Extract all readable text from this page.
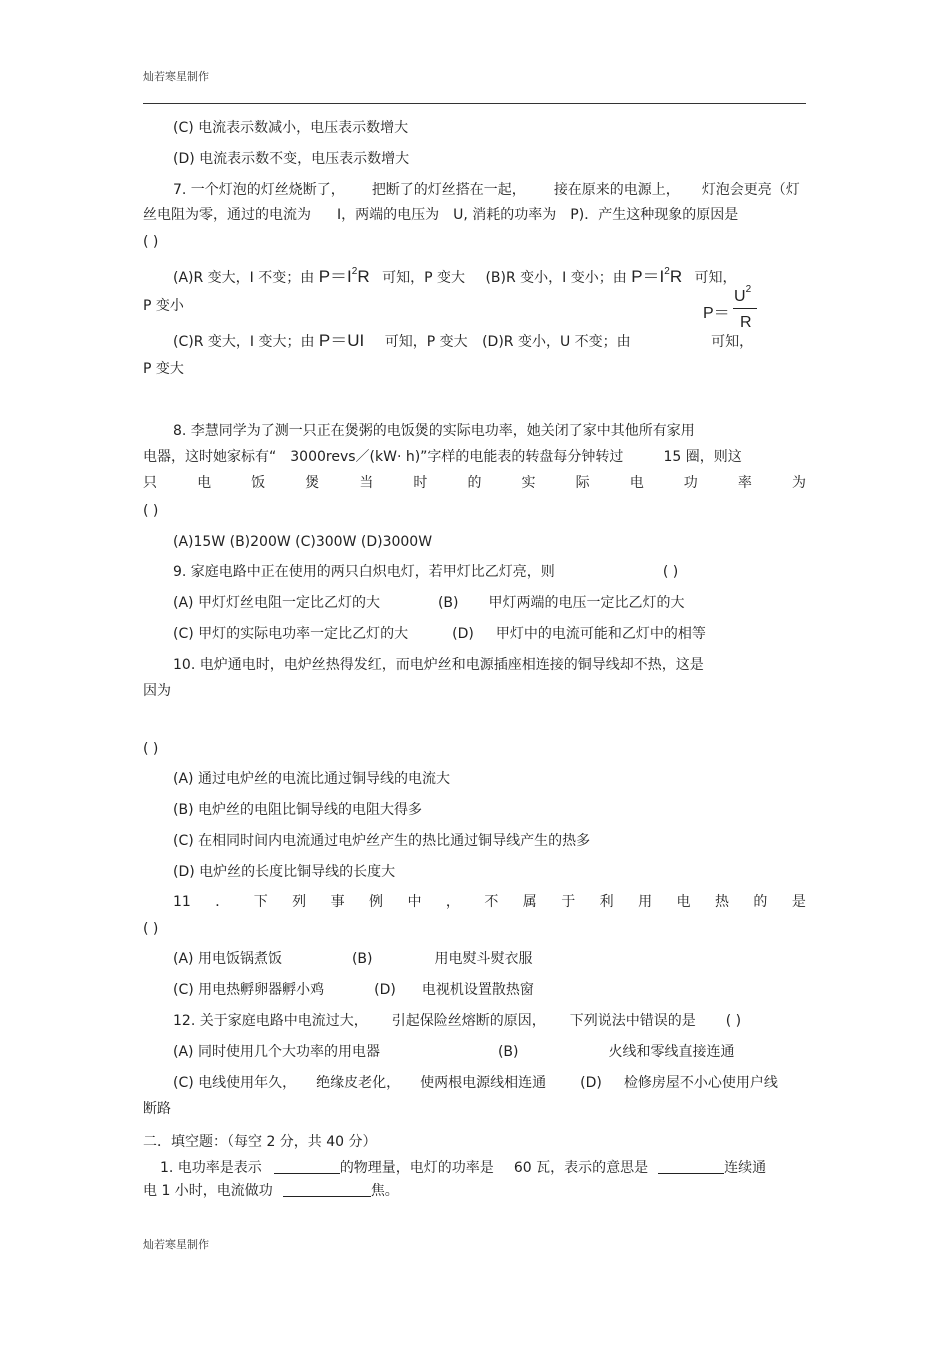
灿若寒星制作
(C) 电流表示数减小，电压表示数增大
(D) 电流表示数不变，电压表示数增大
7. 一个灯泡的灯丝烧断了， 把断了的灯丝搭在一起， 接在原来的电源上， 灯泡会更亮（灯
丝电阻为零，通过的电流为 I，两端的电压为 U, 消耗的功率为 P)．产生这种现象的原因是
( )
(A)R 变大，I 不变；由 $P=I^2R$ 可知，P 变大 (B)R 变小，I 变小；由 $P=I^2R$ 可知，
P 变小	P＝
$U^2$
R
(C)R 变大，I 变大；由 P＝UI 可知，P 变大 (D)R 变小，U 不变；由	可知，
P 变大
8. 李慧同学为了测一只正在煲粥的电饭煲的实际电功率，她关闭了家中其他所有家用
电器，这时她家标有“ 3000revs／(kW· h)”字样的电能表的转盘每分钟转过	15 圈，则这
只	电	饭	煲	当	时	的	实	际	电	功	率	为
( )
(A)15W (B)200W (C)300W (D)3000W
9. 家庭电路中正在使用的两只白炽电灯，若甲灯比乙灯亮，则	( )
(A) 甲灯灯丝电阻一定比乙灯的大	(B) 甲灯两端的电压一定比乙灯的大
(C) 甲灯的实际电功率一定比乙灯的大	(D) 甲灯中的电流可能和乙灯中的相等
10. 电炉通电时，电炉丝热得发红，而电炉丝和电源插座相连接的铜导线却不热，这是
因为
( )
(A) 通过电炉丝的电流比通过铜导线的电流大
(B) 电炉丝的电阻比铜导线的电阻大得多
(C) 在相同时间内电流通过电炉丝产生的热比通过铜导线产生的热多
(D) 电炉丝的长度比铜导线的长度大
11 ． 下 列 事 例 中 ， 不 属 于 利 用 电 热 的 是
( )
(A) 用电饭锅煮饭	(B)	用电熨斗熨衣服
(C) 用电热孵卵器孵小鸡	(D) 电视机设置散热窗
12. 关于家庭电路中电流过大， 引起保险丝熔断的原因， 下列说法中错误的是 ( )
(A) 同时使用几个大功率的用电器	(B)	火线和零线直接连通
(C) 电线使用年久， 绝缘皮老化， 使两根电源线相连通 (D) 检修房屋不小心使用户线
断路
二．填空题：（每空 2 分，共 40 分）
1. 电功率是表示	的物理量，电灯的功率是 60 瓦，表示的意思是	连续通
电 1 小时，电流做功	焦。
灿若寒星制作
